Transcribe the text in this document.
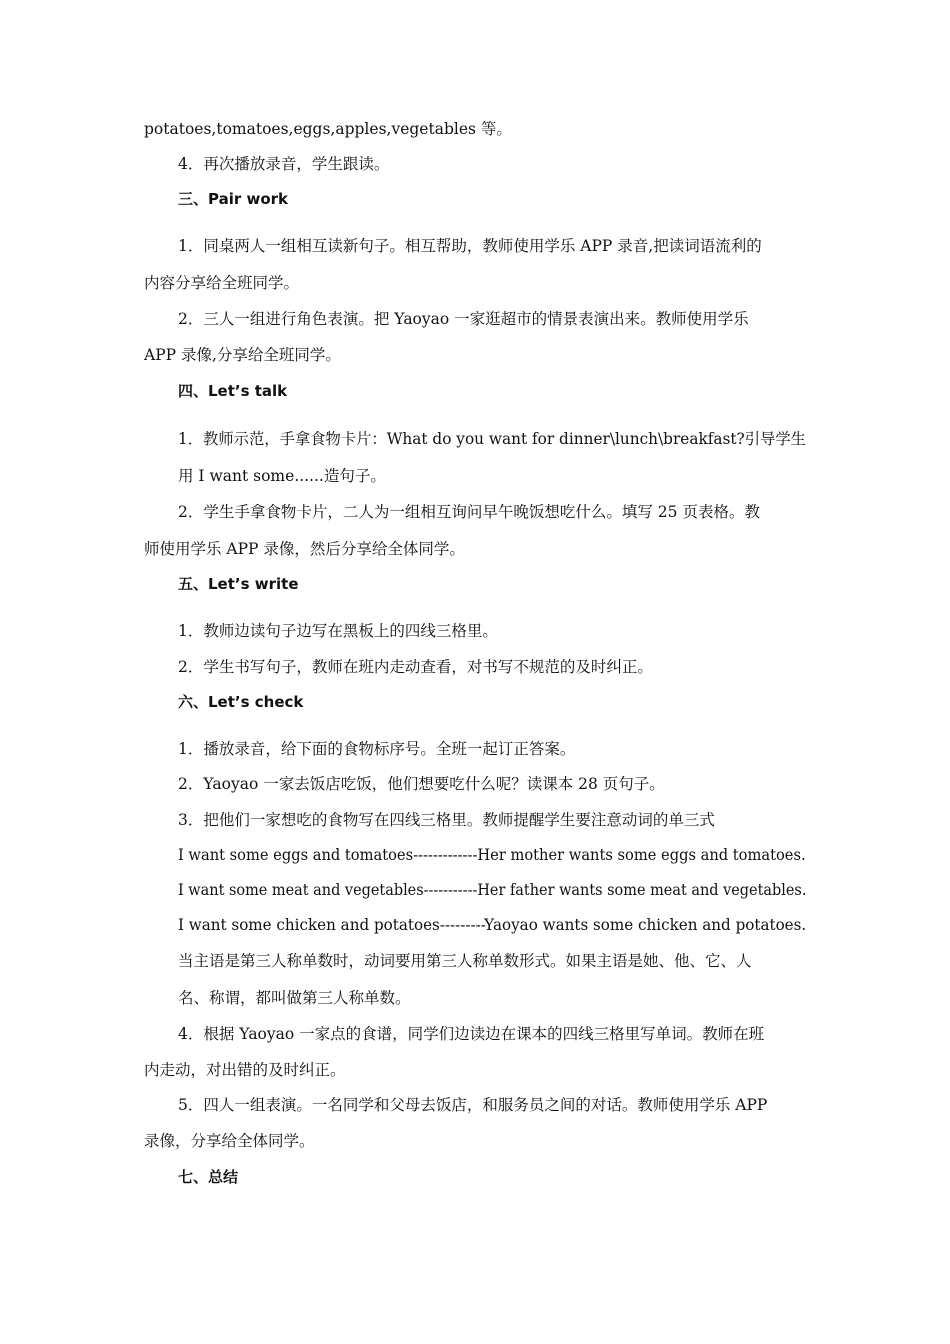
potatoes,tomatoes,eggs,apples,vegetables 等。
4．再次播放录音，学生跟读。
三、Pair work
1．同桌两人一组相互读新句子。相互帮助，教师使用学乐 APP 录音,把读词语流利的
内容分享给全班同学。
2．三人一组进行角色表演。把 Yaoyao 一家逛超市的情景表演出来。教师使用学乐
APP 录像,分享给全班同学。
四、Let’s talk
1．教师示范，手拿食物卡片：What do you want for dinner\lunch\breakfast?引导学生
用 I want some......造句子。
2．学生手拿食物卡片，二人为一组相互询问早午晚饭想吃什么。填写 25 页表格。教
师使用学乐 APP 录像，然后分享给全体同学。
五、Let’s write
1．教师边读句子边写在黑板上的四线三格里。
2．学生书写句子，教师在班内走动查看，对书写不规范的及时纠正。
六、Let’s check
1．播放录音，给下面的食物标序号。全班一起订正答案。
2．Yaoyao 一家去饭店吃饭，他们想要吃什么呢？读课本 28 页句子。
3．把他们一家想吃的食物写在四线三格里。教师提醒学生要注意动词的单三式
I want some eggs and tomatoes-------------Her mother wants some eggs and tomatoes.
I want some meat and vegetables-----------Her father wants some meat and vegetables.
I want some chicken and potatoes---------Yaoyao wants some chicken and potatoes.
当主语是第三人称单数时，动词要用第三人称单数形式。如果主语是她、他、它、人
名、称谓，都叫做第三人称单数。
4．根据 Yaoyao 一家点的食谱，同学们边读边在课本的四线三格里写单词。教师在班
内走动，对出错的及时纠正。
5．四人一组表演。一名同学和父母去饭店，和服务员之间的对话。教师使用学乐 APP
录像，分享给全体同学。
七、总结
